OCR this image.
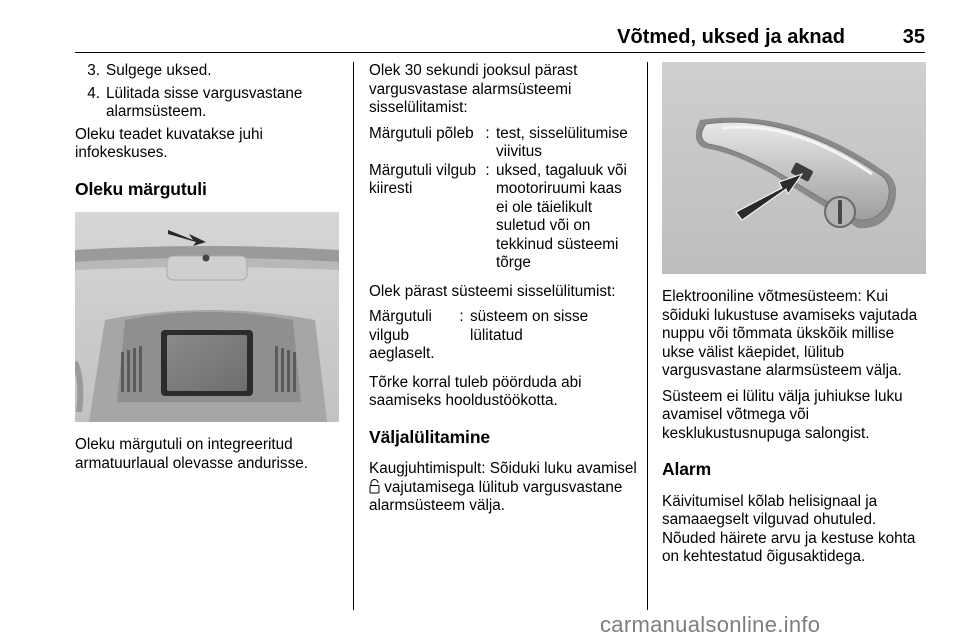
Võtmed, uksed ja aknad	35
3. Sulgege uksed.
4. Lülitada sisse vargusvastane alarmsüsteem.

Oleku teadet kuvatakse juhi infokeskuses.

Oleku märgutuli

Oleku märgutuli on integreeritud armatuurlaual olevasse andurisse.

Olek 30 sekundi jooksul pärast vargusvastase alarmsüsteemi sisselülitamist:

Märgutuli põleb : test, sisselülitumise viivitus
Märgutuli vilgub kiiresti
: uksed, tagaluuk või mootoriruumi kaas ei ole täielikult suletud või on tekkinud süsteemi tõrge

Olek pärast süsteemi sisselülitumist:

Märgutuli vilgub aeglaselt.
: süsteem on sisse lülitatud

Tõrke korral tuleb pöörduda abi saamiseks hooldustöökotta.

Väljalülitamine

Kaugjuhtimispult: Sõiduki luku avamisel  vajutamisega lülitub vargusvastane alarmsüsteem välja.

Elektrooniline võtmesüsteem: Kui sõiduki lukustuse avamiseks vajutada nuppu või tõmmata ükskõik millise ukse välist käepidet, lülitub vargusvastane alarmsüsteem välja.

Süsteem ei lülitu välja juhiukse luku avamisel võtmega või kesklukustusnupuga salongist.

Alarm

Käivitumisel kõlab helisignaal ja samaaegselt vilguvad ohutuled. Nõuded häirete arvu ja kestuse kohta on kehtestatud õigusaktidega.

carmanualsonline.info
